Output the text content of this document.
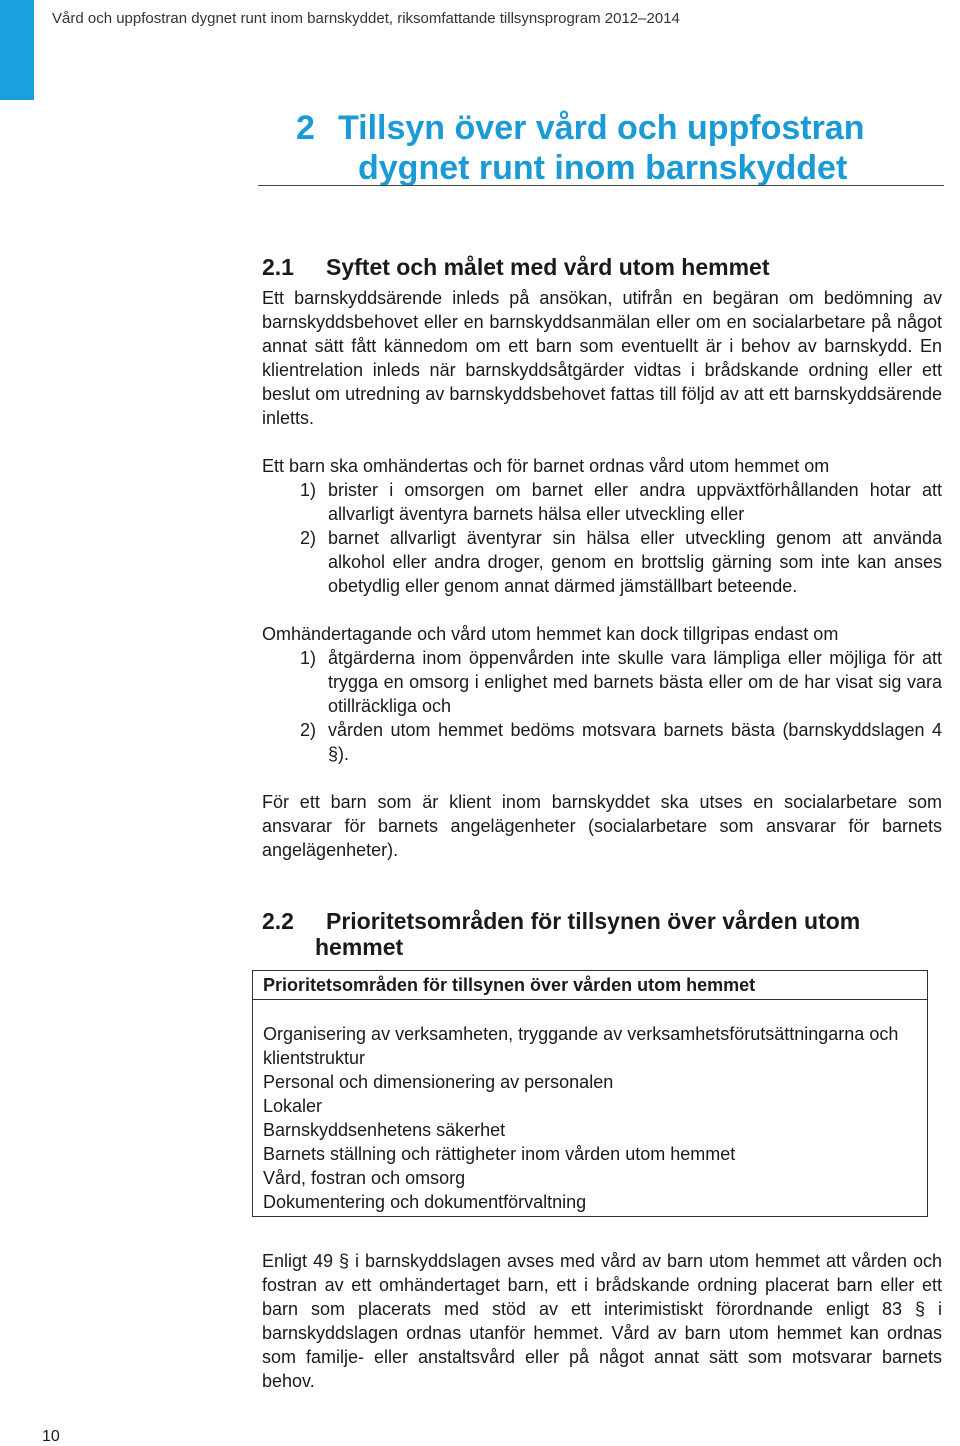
Vård och uppfostran dygnet runt inom barnskyddet, riksomfattande tillsynsprogram 2012–2014
2 Tillsyn över vård och uppfostran
dygnet runt inom barnskyddet
2.1 Syftet och målet med vård utom hemmet

Ett barnskyddsärende inleds på ansökan, utifrån en begäran om bedömning av barnskyddsbehovet eller en barnskyddsanmälan eller om en socialarbetare på något annat sätt fått kännedom om ett barn som eventuellt är i behov av barnskydd. En klientrelation inleds när barnskyddsåtgärder vidtas i brådskande ordning eller ett beslut om utredning av barnskyddsbehovet fattas till följd av att ett barnskyddsärende inletts.

Ett barn ska omhändertas och för barnet ordnas vård utom hemmet om

1) brister i omsorgen om barnet eller andra uppväxtförhållanden hotar att allvarligt äventyra barnets hälsa eller utveckling eller
2) barnet allvarligt äventyrar sin hälsa eller utveckling genom att använda alkohol eller andra droger, genom en brottslig gärning som inte kan anses obetydlig eller genom annat därmed jämställbart beteende.

Omhändertagande och vård utom hemmet kan dock tillgripas endast om

1) åtgärderna inom öppenvården inte skulle vara lämpliga eller möjliga för att trygga en omsorg i enlighet med barnets bästa eller om de har visat sig vara otillräckliga och
2) vården utom hemmet bedöms motsvara barnets bästa (barnskyddslagen 4 §).

För ett barn som är klient inom barnskyddet ska utses en socialarbetare som ansvarar för barnets angelägenheter (socialarbetare som ansvarar för barnets angelägenheter).

2.2 Prioritetsområden för tillsynen över vården utom
hemmet
Prioritetsområden för tillsynen över vården utom hemmet
Organisering av verksamheten, tryggande av verksamhetsförutsättningarna och klientstruktur
Personal och dimensionering av personalen
Lokaler
Barnskyddsenhetens säkerhet
Barnets ställning och rättigheter inom vården utom hemmet
Vård, fostran och omsorg
Dokumentering och dokumentförvaltning

Enligt 49 § i barnskyddslagen avses med vård av barn utom hemmet att vården och fostran av ett omhändertaget barn, ett i brådskande ordning placerat barn eller ett barn som placerats med stöd av ett interimistiskt förordnande enligt 83 § i barnskyddslagen ordnas utanför hemmet. Vård av barn utom hemmet kan ordnas som familje- eller anstaltsvård eller på något annat sätt som motsvarar barnets behov.

10
